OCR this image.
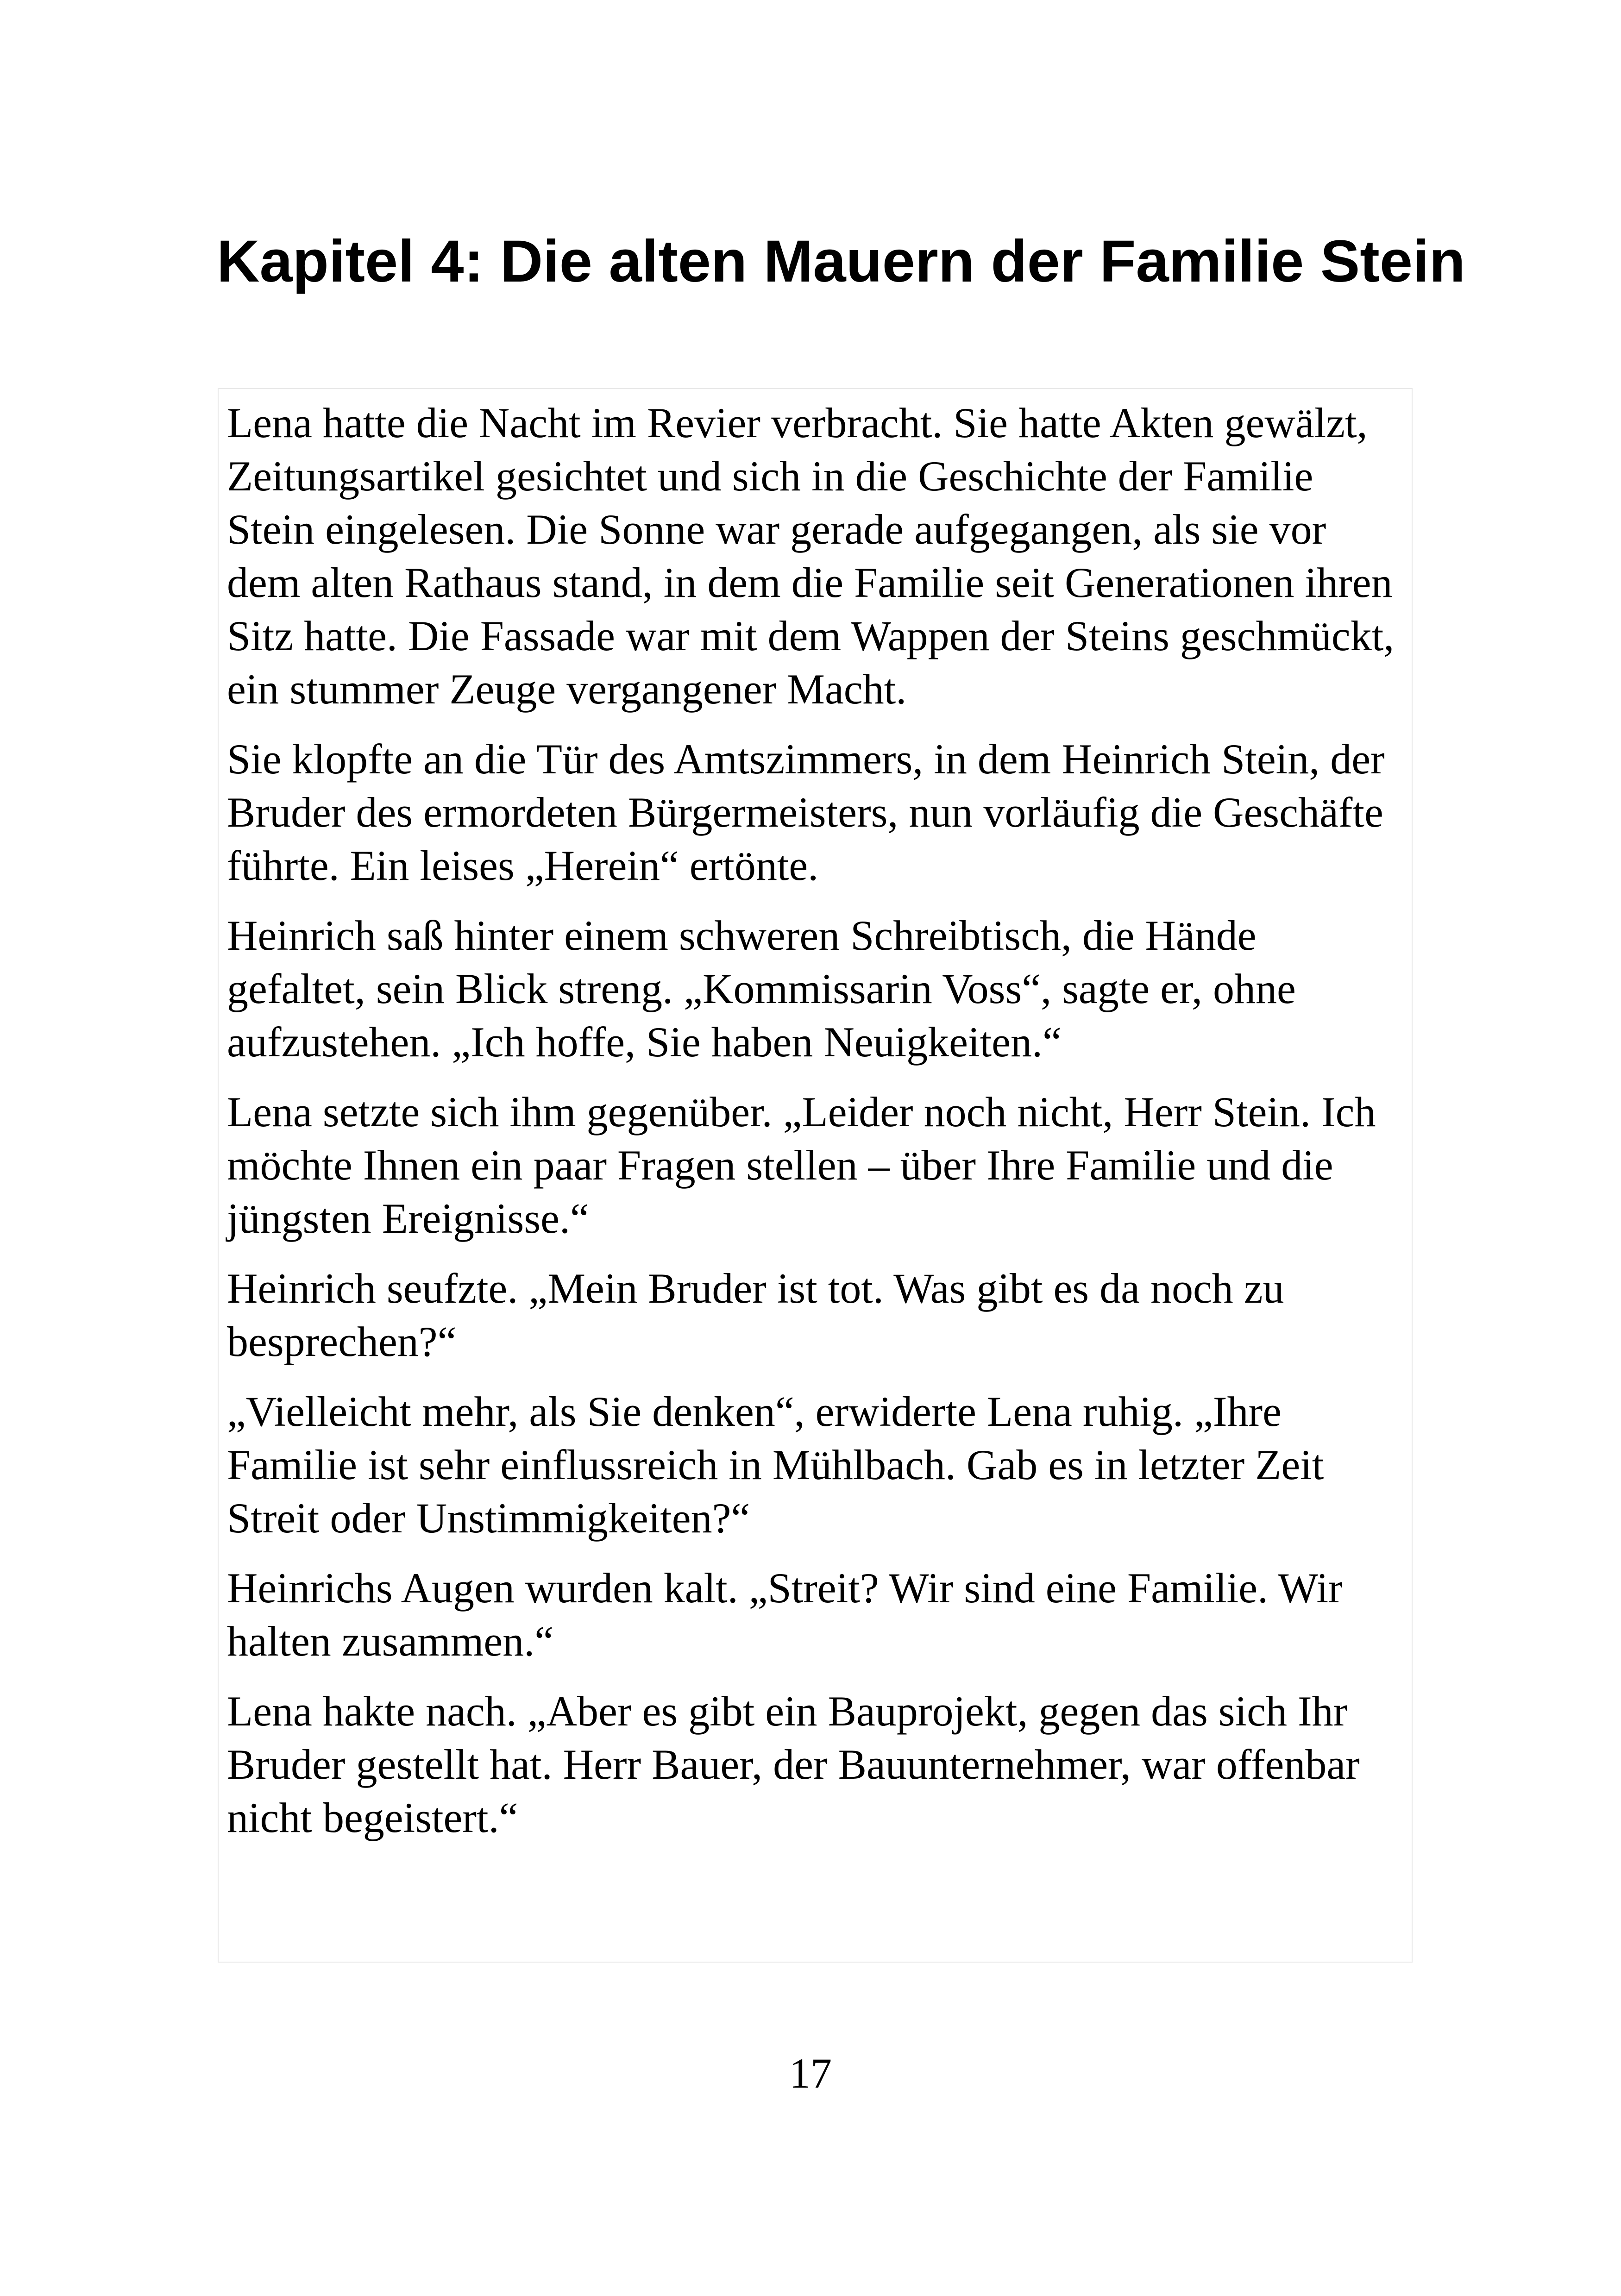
Kapitel 4: Die alten Mauern der Familie Stein

Lena hatte die Nacht im Revier verbracht. Sie hatte Akten gewälzt, Zeitungsartikel gesichtet und sich in die Geschichte der Familie Stein eingelesen. Die Sonne war gerade aufgegangen, als sie vor dem alten Rathaus stand, in dem die Familie seit Generationen ihren Sitz hatte. Die Fassade war mit dem Wappen der Steins geschmückt, ein stummer Zeuge vergangener Macht.

Sie klopfte an die Tür des Amtszimmers, in dem Heinrich Stein, der Bruder des ermordeten Bürgermeisters, nun vorläufig die Geschäfte führte. Ein leises „Herein“ ertönte.

Heinrich saß hinter einem schweren Schreibtisch, die Hände gefaltet, sein Blick streng. „Kommissarin Voss“, sagte er, ohne aufzustehen. „Ich hoffe, Sie haben Neuigkeiten.“

Lena setzte sich ihm gegenüber. „Leider noch nicht, Herr Stein. Ich möchte Ihnen ein paar Fragen stellen – über Ihre Familie und die jüngsten Ereignisse.“

Heinrich seufzte. „Mein Bruder ist tot. Was gibt es da noch zu besprechen?“

„Vielleicht mehr, als Sie denken“, erwiderte Lena ruhig. „Ihre Familie ist sehr einflussreich in Mühlbach. Gab es in letzter Zeit Streit oder Unstimmigkeiten?“

Heinrichs Augen wurden kalt. „Streit? Wir sind eine Familie. Wir halten zusammen.“

Lena hakte nach. „Aber es gibt ein Bauprojekt, gegen das sich Ihr Bruder gestellt hat. Herr Bauer, der Bauunternehmer, war offenbar nicht begeistert.“

17
